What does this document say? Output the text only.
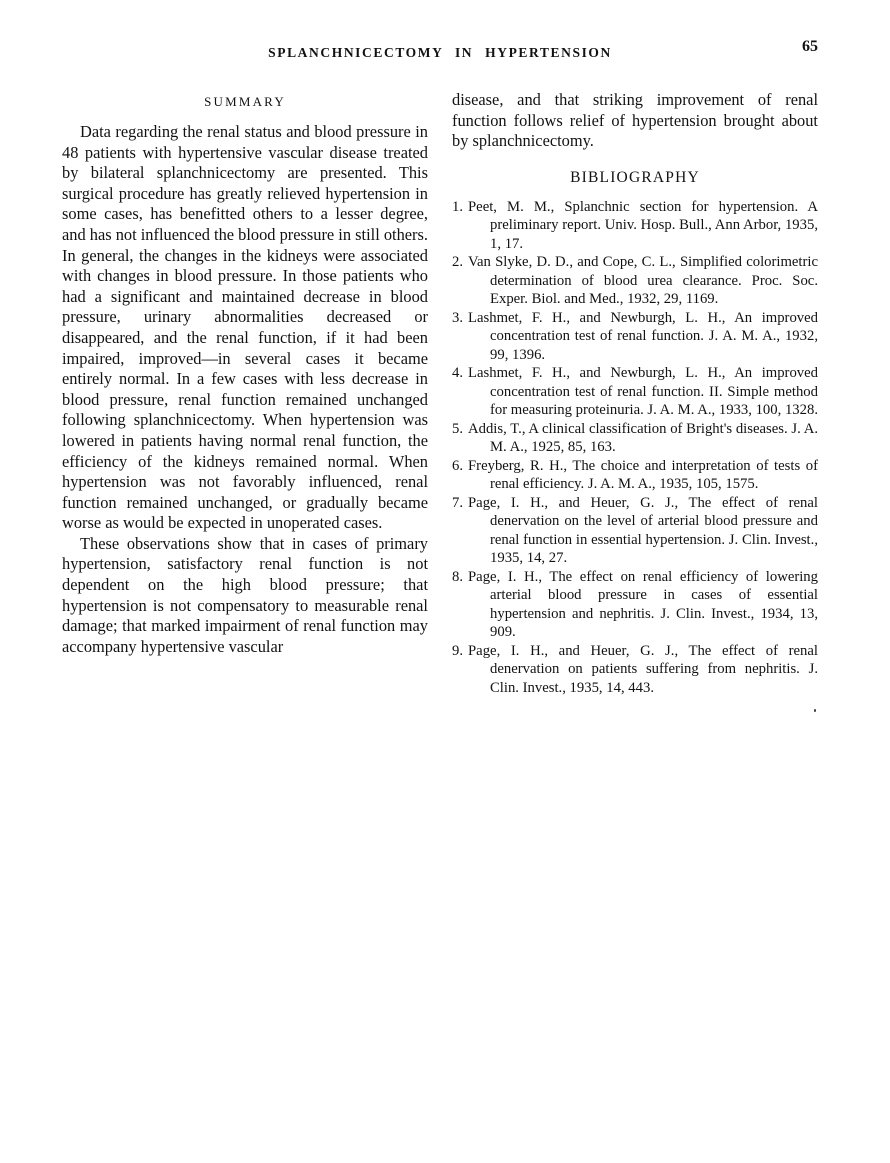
SPLANCHNICECTOMY IN HYPERTENSION	65
SUMMARY

Data regarding the renal status and blood pressure in 48 patients with hypertensive vascular disease treated by bilateral splanchnicectomy are presented. This surgical procedure has greatly relieved hypertension in some cases, has benefitted others to a lesser degree, and has not influenced the blood pressure in still others. In general, the changes in the kidneys were associated with changes in blood pressure. In those patients who had a significant and maintained decrease in blood pressure, urinary abnormalities decreased or disappeared, and the renal function, if it had been impaired, improved—in several cases it became entirely normal. In a few cases with less decrease in blood pressure, renal function remained unchanged following splanchnicectomy. When hypertension was lowered in patients having normal renal function, the efficiency of the kidneys remained normal. When hypertension was not favorably influenced, renal function remained unchanged, or gradually became worse as would be expected in unoperated cases.

These observations show that in cases of primary hypertension, satisfactory renal function is not dependent on the high blood pressure; that hypertension is not compensatory to measurable renal damage; that marked impairment of renal function may accompany hypertensive vascular

disease, and that striking improvement of renal function follows relief of hypertension brought about by splanchnicectomy.

BIBLIOGRAPHY
1. Peet, M. M., Splanchnic section for hypertension. A preliminary report. Univ. Hosp. Bull., Ann Arbor, 1935, 1, 17.
2. Van Slyke, D. D., and Cope, C. L., Simplified colorimetric determination of blood urea clearance. Proc. Soc. Exper. Biol. and Med., 1932, 29, 1169.
3. Lashmet, F. H., and Newburgh, L. H., An improved concentration test of renal function. J. A. M. A., 1932, 99, 1396.
4. Lashmet, F. H., and Newburgh, L. H., An improved concentration test of renal function. II. Simple method for measuring proteinuria. J. A. M. A., 1933, 100, 1328.
5. Addis, T., A clinical classification of Bright's diseases. J. A. M. A., 1925, 85, 163.
6. Freyberg, R. H., The choice and interpretation of tests of renal efficiency. J. A. M. A., 1935, 105, 1575.
7. Page, I. H., and Heuer, G. J., The effect of renal denervation on the level of arterial blood pressure and renal function in essential hypertension. J. Clin. Invest., 1935, 14, 27.
8. Page, I. H., The effect on renal efficiency of lowering arterial blood pressure in cases of essential hypertension and nephritis. J. Clin. Invest., 1934, 13, 909.
9. Page, I. H., and Heuer, G. J., The effect of renal denervation on patients suffering from nephritis. J. Clin. Invest., 1935, 14, 443.
